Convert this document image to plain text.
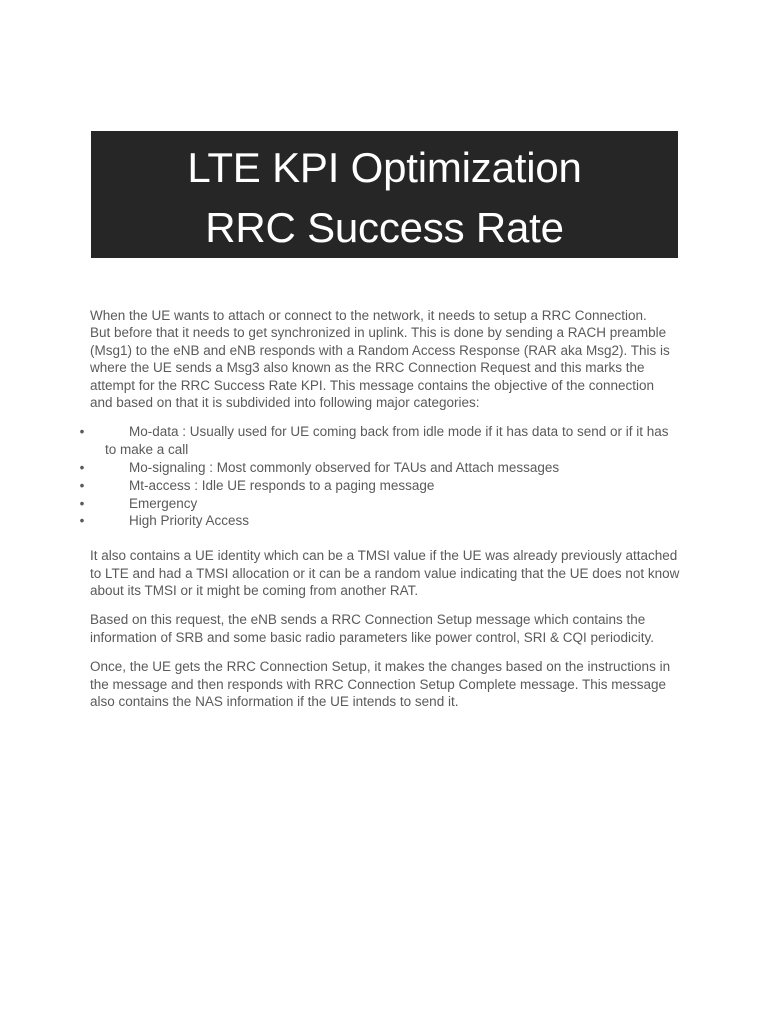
LTE KPI Optimization
RRC Success Rate

When the UE wants to attach or connect to the network, it needs to setup a RRC Connection.

But before that it needs to get synchronized in uplink. This is done by sending a RACH preamble (Msg1) to the eNB and eNB responds with a Random Access Response (RAR aka Msg2). This is where the UE sends a Msg3 also known as the RRC Connection Request and this marks the attempt for the RRC Success Rate KPI. This message contains the objective of the connection and based on that it is subdivided into following major categories:

•	Mo-data : Usually used for UE coming back from idle mode if it has data to send or if it has to make a call
•	Mo-signaling : Most commonly observed for TAUs and Attach messages
•	Mt-access : Idle UE responds to a paging message
•	Emergency
•	High Priority Access

It also contains a UE identity which can be a TMSI value if the UE was already previously attached to LTE and had a TMSI allocation or it can be a random value indicating that the UE does not know about its TMSI or it might be coming from another RAT.

Based on this request, the eNB sends a RRC Connection Setup message which contains the information of SRB and some basic radio parameters like power control, SRI & CQI periodicity.

Once, the UE gets the RRC Connection Setup, it makes the changes based on the instructions in the message and then responds with RRC Connection Setup Complete message. This message also contains the NAS information if the UE intends to send it.
